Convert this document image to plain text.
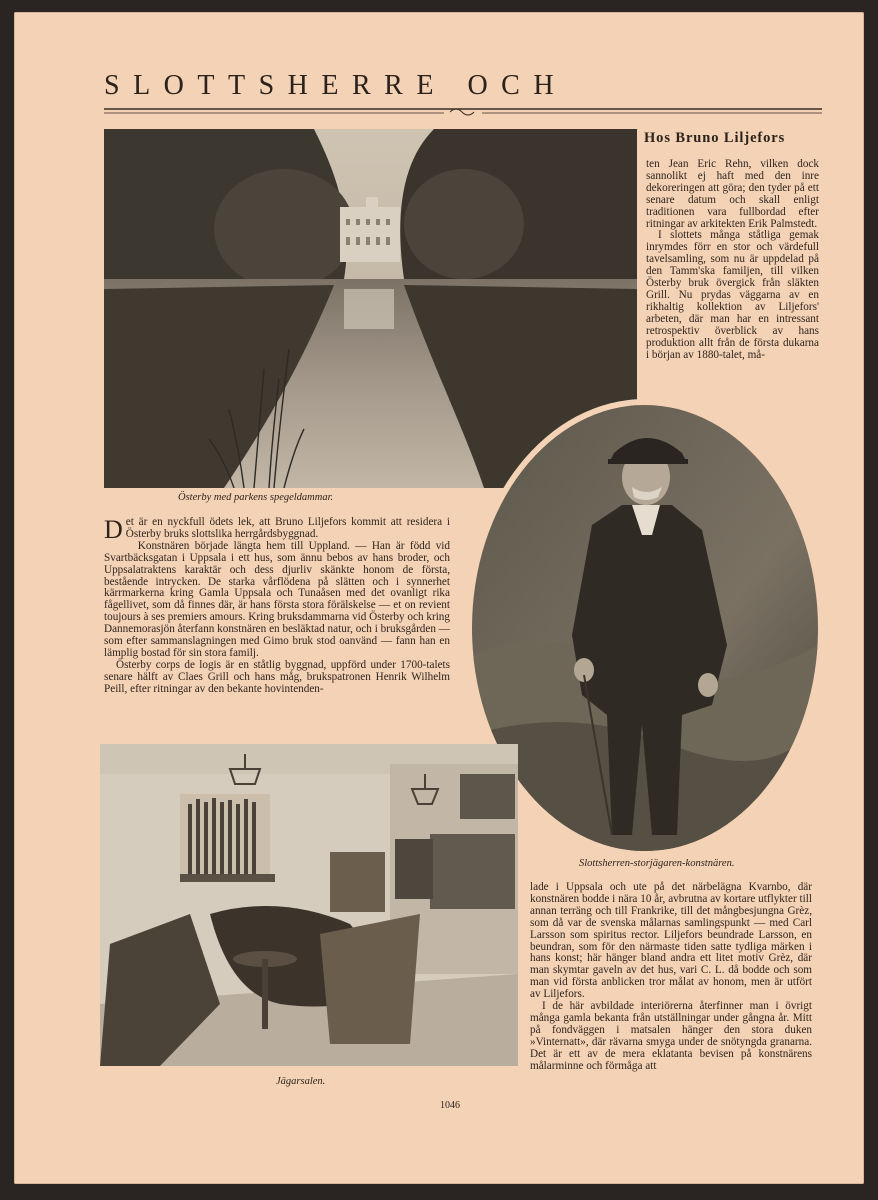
SLOTTSHERRE OCH
Hos Bruno Liljefors

Österby med parkens spegeldammar.

ten Jean Eric Rehn, vilken dock sannolikt ej haft med den inre dekoreringen att göra; den tyder på ett senare datum och skall enligt traditionen vara fullbordad efter ritningar av arkitekten Erik Palmstedt.

I slottets många ståtliga gemak inrymdes förr en stor och värdefull tavelsamling, som nu är uppdelad på den Tamm'ska familjen, till vilken Österby bruk övergick från släkten Grill. Nu prydas väggarna av en rikhaltig kollektion av Liljefors' arbeten, där man har en intressant retrospektiv överblick av hans produktion allt från de första dukarna i början av 1880-talet, må-

Slottsherren-storjägaren-konstnären.

Det är en nyckfull ödets lek, att Bruno Liljefors kommit att residera i Österby bruks slottslika herrgårdsbyggnad.

Konstnären började längta hem till Uppland. — Han är född vid Svartbäcksgatan i Uppsala i ett hus, som ännu bebos av hans broder, och Uppsalatraktens karaktär och dess djurliv skänkte honom de första, bestående intrycken. De starka vårflödena på slätten och i synnerhet kärrmarkerna kring Gamla Uppsala och Tunaåsen med det ovanligt rika fågellivet, som då finnes där, är hans första stora förälskelse — et on revient toujours à ses premiers amours. Kring bruksdammarna vid Österby och kring Dannemorasjön återfann konstnären en besläktad natur, och i bruksgården — som efter sammanslagningen med Gimo bruk stod oanvänd — fann han en lämplig bostad för sin stora familj.

Österby corps de logis är en ståtlig byggnad, uppförd under 1700-talets senare hälft av Claes Grill och hans måg, brukspatronen Henrik Wilhelm Peill, efter ritningar av den bekante hovintenden-

Jägarsalen.

lade i Uppsala och ute på det närbelägna Kvarnbo, där konstnären bodde i nära 10 år, avbrutna av kortare utflykter till annan terräng och till Frankrike, till det mångbesjungna Grèz, som då var de svenska målarnas samlingspunkt — med Carl Larsson som spiritus rector. Liljefors beundrade Larsson, en beundran, som för den närmaste tiden satte tydliga märken i hans konst; här hänger bland andra ett litet motiv Grèz, där man skymtar gaveln av det hus, vari C. L. då bodde och som man vid första anblicken tror målat av honom, men är utfört av Liljefors.

I de här avbildade interiörerna återfinner man i övrigt många gamla bekanta från utställningar under gångna år. Mitt på fondväggen i matsalen hänger den stora duken »Vinternatt», där rävarna smyga under de snötyngda granarna. Det är ett av de mera eklatanta bevisen på konstnärens målarminne och förmåga att

1046
